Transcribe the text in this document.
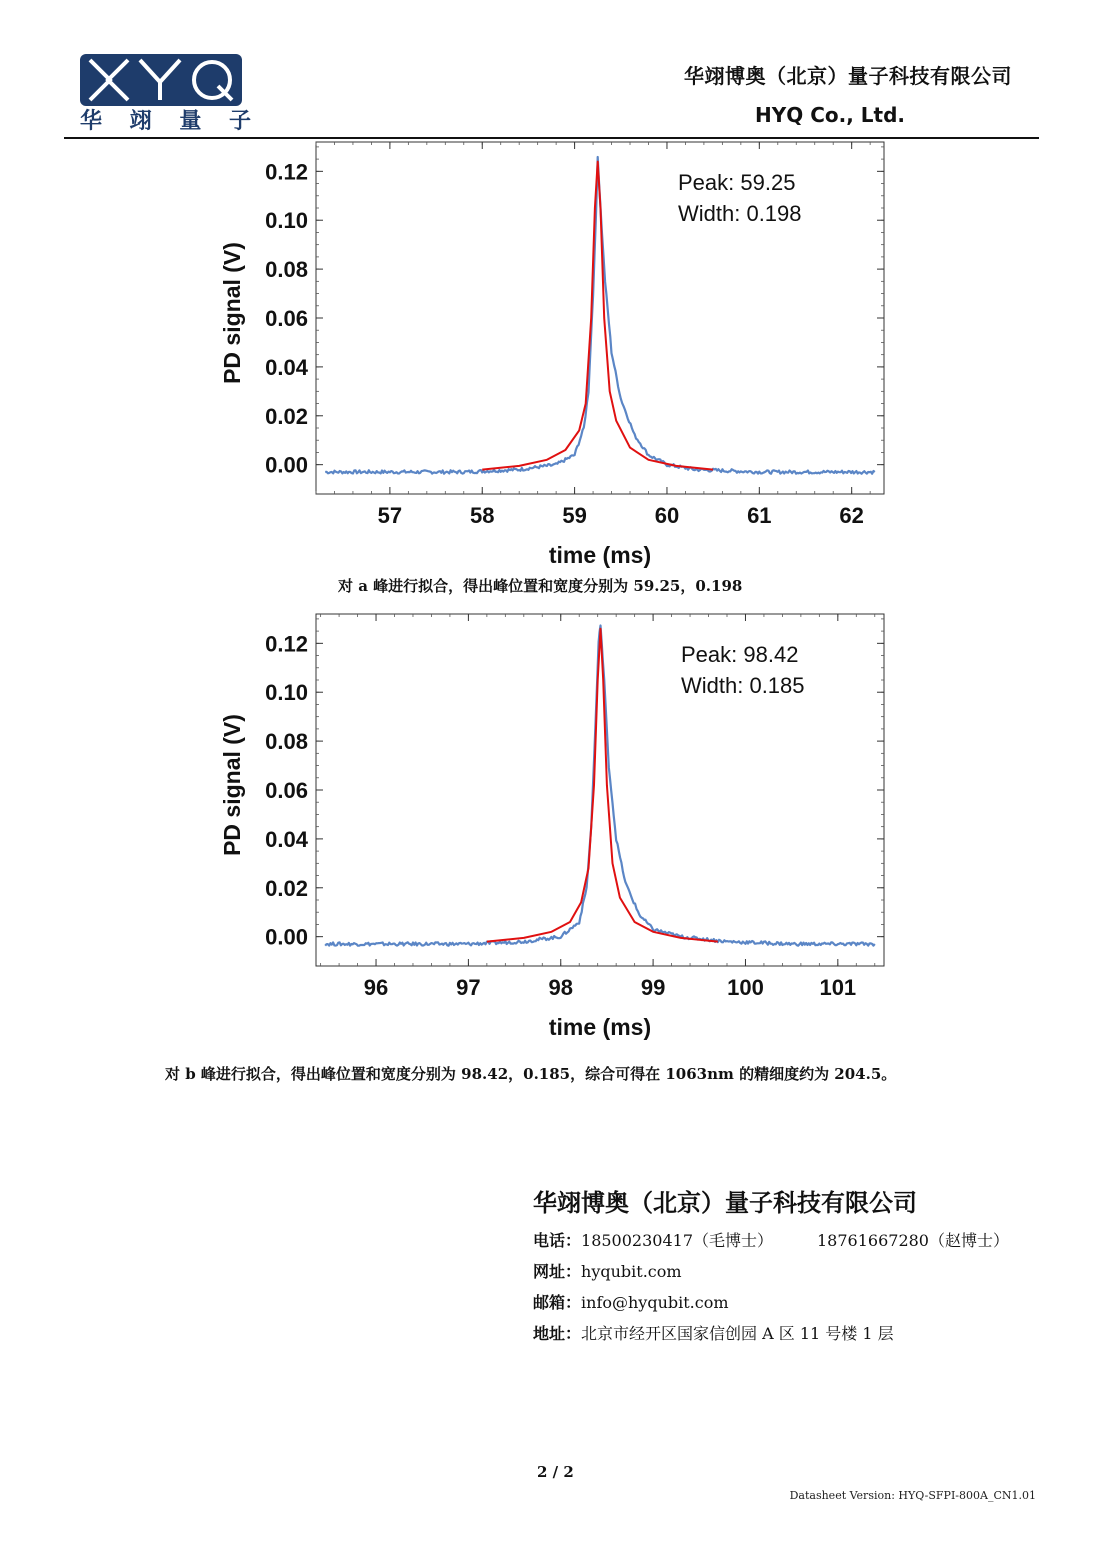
华 翊 量 子
华翊博奥（北京）量子科技有限公司
HYQ Co., Ltd.
57	58	59	60	61	62
0.00
0.02
0.04
0.06
0.08
0.10
0.12
time (ms)
PD signal (V)
Peak: 59.25
Width: 0.198
对 a 峰进行拟合，得出峰位置和宽度分别为 59.25，0.198
96	97	98	99	100	101
0.00
0.02
0.04
0.06
0.08
0.10
0.12
time (ms)
PD signal (V)
Peak: 98.42
Width: 0.185
对 b 峰进行拟合，得出峰位置和宽度分别为 98.42，0.185，综合可得在 1063nm 的精细度约为 204.5。
华翊博奥（北京）量子科技有限公司
电话：18500230417（毛博士）	18761667280（赵博士）
网址：hyqubit.com
邮箱：info@hyqubit.com
地址：北京市经开区国家信创园 A 区 11 号楼 1 层
2 / 2
Datasheet Version: HYQ-SFPI-800A_CN1.01
